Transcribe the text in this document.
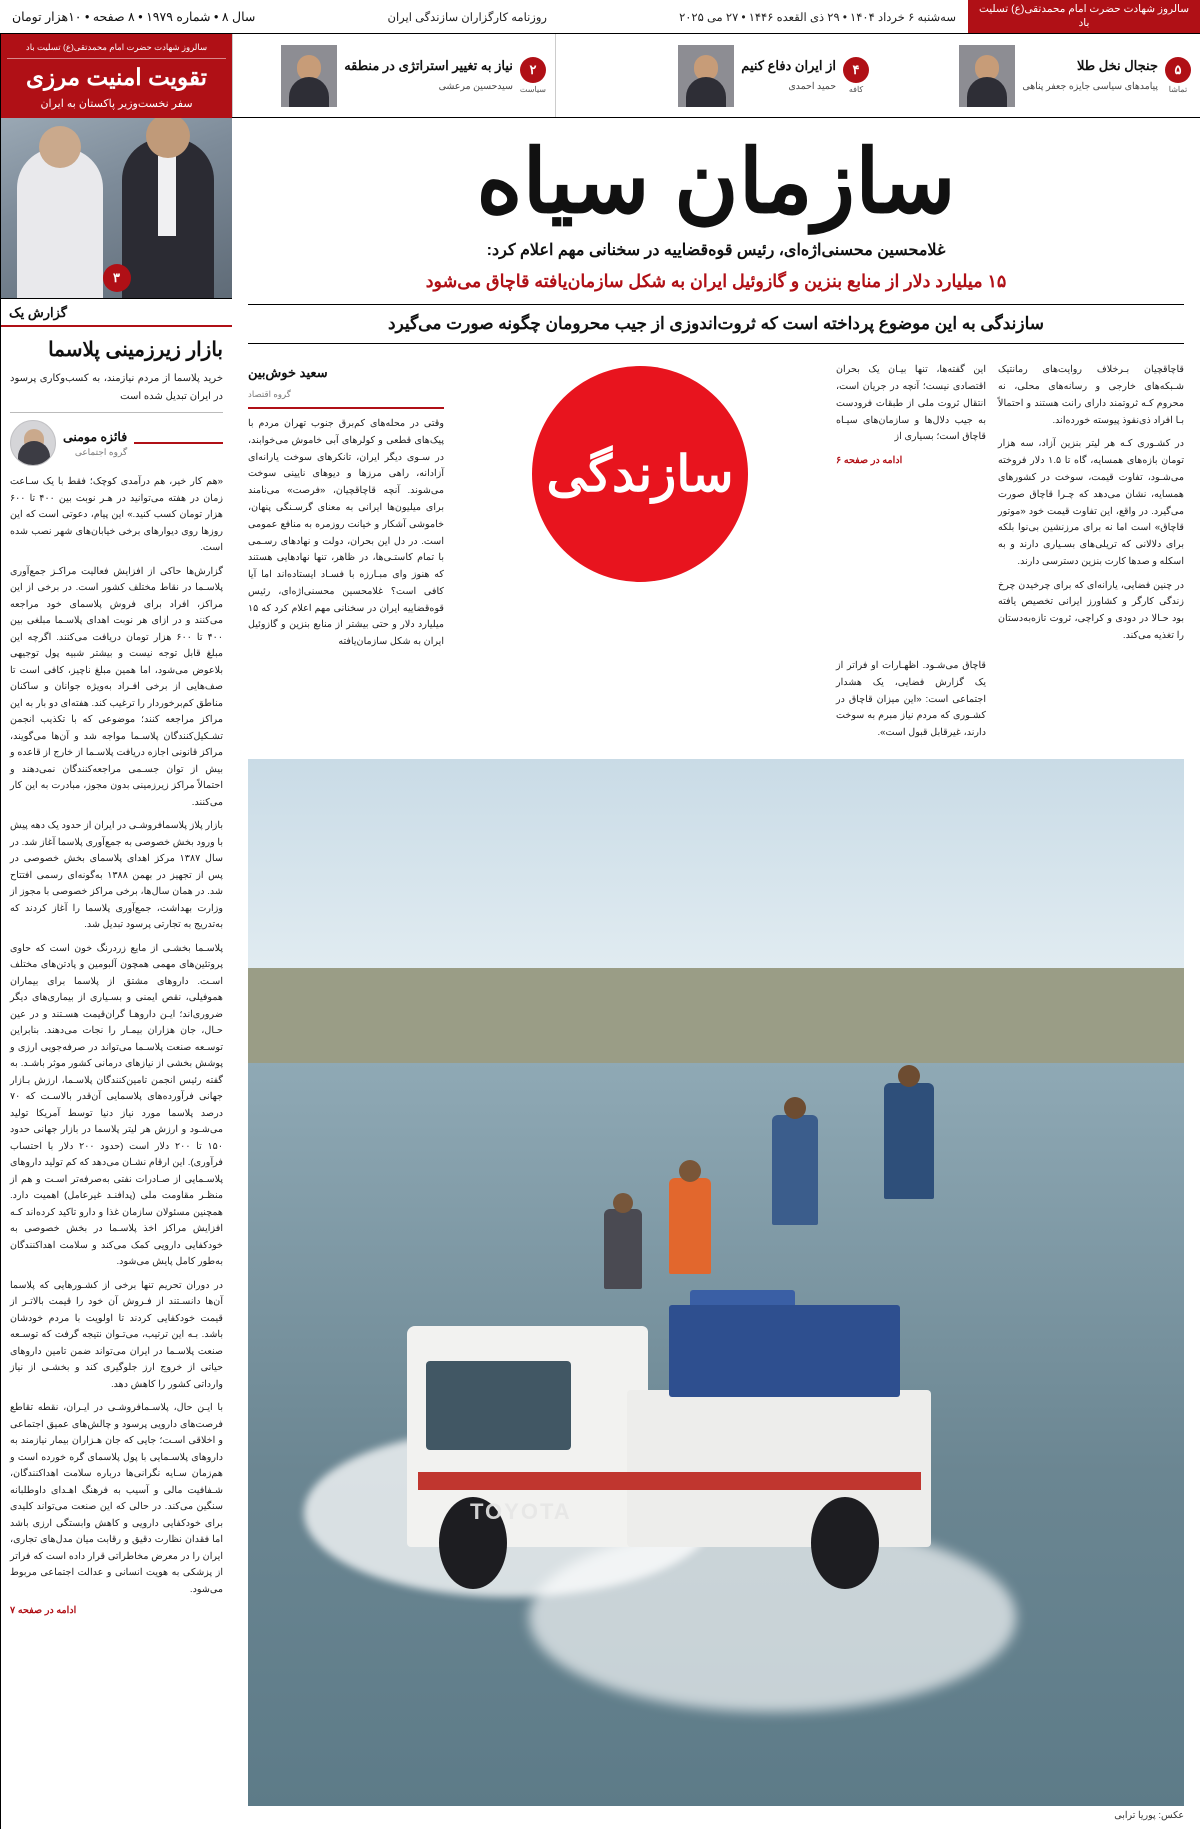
سالروز شهادت حضرت امام محمدتقی(ع) تسلیت باد
سه‌شنبه ۶ خرداد ۱۴۰۴ • ۲۹ ذی القعده ۱۴۴۶ • ۲۷ می ۲۰۲۵
روزنامه کارگزاران سازندگی ایران
سال ۸ • شماره ۱۹۷۹ • ۸ صفحه • ۱۰هزار تومان
۵
تماشا
جنجال نخل طلا
پیامدهای سیاسی جایزه جعفر پناهی
۴
کافه
از ایران دفاع کنیم
حمید احمدی
۲
سیاست
نیاز به تغییر استراتژی در منطقه
سیدحسین مرعشی
سازمان سیاه
غلامحسین محسنی‌اژه‌ای، رئیس قوه‌قضاییه در سخنانی مهم اعلام کرد:
۱۵ میلیارد دلار از منابع بنزین و گازوئیل ایران به شکل سازمان‌یافته قاچاق می‌شود
سازندگی به این موضوع پرداخته است که ثروت‌اندوزی از جیب محرومان چگونه صورت می‌گیرد

قاچاقچیان بـرخلاف روایت‌های رمانتیک شـبکه‌های خارجی و رسانه‌های محلی، نه محروم کـه ثروتمند دارای رانت هستند و احتمالاً بـا افراد ذی‌نفوذ پیوسته خورده‌اند.

در کشـوری کـه هر لیتر بنزین آزاد، سه هزار تومان بازه‌های همسایه، گاه تا ۱.۵ دلار فروخته می‌شـود، تفاوت قیمت، سوخت در کشورهای همسایه، نشان می‌دهد که چـرا قاچاق صورت می‌گیرد. در واقع، این تفاوت قیمت خود «موتور قاچاق» است اما نه برای مرزنشین بی‌نوا بلکه برای دلالانی که تریلی‌های بسـیاری دارند و به اسکله و صدها کارت بنزین دسترسی دارند.

در چنین فضایی، یارانه‌ای که برای چرخیدن چرخ زندگی کارگر و کشاورز ایرانی تخصیص یافته بود حـالا در دودی و کراچی، ثروت تازه‌به‌دستان را تغذیه می‌کند.

این گفته‌ها، تنها بیـان یک بحران اقتصادی نیست؛ آنچه در جریان است، انتقال ثروت ملی از طبقات فرودست به جیب دلال‌ها و سازمان‌های سیـاه قاچاق است؛ بسیاری از

ادامه در صفحه ۶

سازندگی
سعید خوش‌بین
گروه اقتصاد

وقتی در محله‌های کم‌برق جنوب تهران مردم با پیک‌های قطعی و کولرهای آبی خاموش می‌خوابند، در سـوی دیگر ایران، تانکرهای سوخت یارانه‌ای آزادانه، راهی مرزها و دیوهای نایینی سوخت می‌شوند. آنچه قاچاقچیان، «فرصت» می‌نامند برای میلیون‌ها ایرانی به معنای گرسـنگی پنهان، خاموشی آشکار و خیانت روزمره به منافع عمومی است. در دل این بحران، دولت و نهادهای رسـمی با تمام کاستـی‌ها، در ظاهر، تنها نهادهایی هستند که هنوز وای مبـارزه با فسـاد ایستاده‌اند اما آیا کافی است؟ غلامحسین محسنی‌اژه‌ای، رئیس قوه‌قضاییه ایران در سخنانی مهم اعلام کرد که ۱۵ میلیارد دلار و حتی بیشتر از منابع بنزین و گازوئیل ایران به شکل سازمان‌یافته

قاچاق می‌شـود. اظهـارات او فراتر از یک گزارش فضایی، یک هشدار اجتماعی است: «این میزان قاچاق در کشـوری که مردم نیاز مبرم به سوخت دارند، غیرقابل قبول است».

TOYOTA
عکس: پوریا ترابی
سالروز شهادت حضرت امام محمدتقی(ع) تسلیت باد
تقویت امنیت مرزی
سفر نخست‌وزیر پاکستان به ایران
۳
گزارش یک
بازار زیرزمینی پلاسما
خرید پلاسما از مردم نیازمند، به کسب‌وکاری پرسود در ایران تبدیل شده است
فائزه مومنی
گروه اجتماعی

«هم کار خیر، هم درآمدی کوچک؛ فقط با یک سـاعت زمان در هفته می‌توانید در هـر نوبت بین ۴۰۰ تا ۶۰۰ هزار تومان کسب کنید.» این پیام، دعوتی است که این روزها روی دیوارهای برخی خیابان‌های شهر نصب شده است.

گزارش‌ها حاکی از افزایش فعالیت مراکـز جمع‌آوری پلاسـما در نقاط مختلف کشور است. در برخی از این مراکز، افراد برای فروش پلاسمای خود مراجعه می‌کنند و در ازای هر نوبت اهدای پلاسـما مبلغی بین ۴۰۰ تا ۶۰۰ هزار تومان دریافت می‌کنند. اگرچه این مبلغ قابل توجه نیست و بیشتر شبیه پول توجیهی بلاعوض می‌شود، اما همین مبلغ ناچیز، کافی است تا صف‌هایی از برخی افـراد به‌ویژه جوانان و ساکنان مناطق کم‌برخوردار را ترغیب کند. هفته‌ای دو بار به این مراکز مراجعه کنند؛ موضوعی که با تکذیب انجمن تشـکیل‌کنندگان پلاسـما مواجه شد و آن‌ها می‌گویند، مراکز قانونی اجازه دریافت پلاسـما از خارج از قاعده و بیش از توان جسـمی مراجعه‌کنندگان نمی‌دهند و احتمالاً مراکز زیرزمینی بدون مجوز، مبادرت به این کار می‌کنند.

بازار پلاز پلاسمافروشـی در ایران از حدود یک دهه پیش با ورود بخش خصوصی به جمع‌آوری پلاسما آغاز شد. در سال ۱۳۸۷ مرکز اهدای پلاسمای بخش خصوصی در پس از تجهیز در بهمن ۱۳۸۸ به‌گونه‌ای رسمی افتتاح شد. در همان سال‌ها، برخی مراکز خصوصی با مجوز از وزارت بهداشت، جمع‌آوری پلاسما را آغاز کردند که به‌تدریج به تجارتی پرسود تبدیل شد.

پلاسـما بخشـی از مایع زردرنگ خون است که حاوی پروتئین‌های مهمی همچون آلبومین و پادتن‌های مختلف اسـت. داروهای مشتق از پلاسما برای بیماران هموفیلی، نقص ایمنی و بسـیاری از بیماری‌های دیگر ضروری‌اند؛ ایـن داروهـا گران‌قیمت هسـتند و در عین حـال، جان هزاران بیمـار را نجات می‌دهند. بنابراین توسـعه صنعت پلاسـما می‌تواند در صرفه‌جویی ارزی و پوشش بخشی از نیازهای درمانی کشور موثر باشـد. به گفته رئیس انجمن تامین‌کنندگان پلاسـما، ارزش بـازار جهانی فرآورده‌های پلاسمایی آن‌قدر بالاسـت که ۷۰ درصد پلاسما مورد نیاز دنیا توسط آمریکا تولید می‌شـود و ارزش هر لیتر پلاسما در بازار جهانی حدود ۱۵۰ تا ۲۰۰ دلار است (حدود ۲۰۰ دلار با احتساب فرآوری). این ارقام نشـان می‌دهد که کم تولید داروهای پلاسـمایی از صـادرات نفتی به‌صرفه‌تر اسـت و هم از منظـر مقاومت ملی (پدافنـد غیرعامل) اهمیت دارد. همچنین مسئولان سازمان غذا و دارو تاکید کرده‌اند کـه افزایش مراکز اخذ پلاسـما در بخش خصوصی به خودکفایی دارویی کمک می‌کند و سلامت اهداکنندگان به‌طور کامل پایش می‌شود.

در دوران تحریم تنها برخی از کشـورهایی که پلاسما آن‌ها دانسـتند از فـروش آن خود را قیمت بالاتـر از قیمت خودکفایی کردند تا اولویت با مردم خودشان باشد. بـه این ترتیب، می‌تـوان نتیجه گرفت که توسـعه صنعت پلاسـما در ایران می‌تواند ضمن تامین داروهای حیاتی از خروج ارز جلوگیری کند و بخشـی از نیاز وارداتی کشور را کاهش دهد.

با ایـن حال، پلاسـمافروشـی در ایـران، نقطه تقاطع فرصت‌های دارویی پرسود و چالش‌های عمیق اجتماعی و اخلاقی اسـت؛ جایی که جان هـزاران بیمار نیازمند به داروهای پلاسـمایی با پول پلاسمای گره خورده است و هم‌زمان سـایه نگرانی‌ها درباره سلامت اهداکنندگان، شـفافیت مالی و آسیب به فرهنگ اهـدای داوطلبانه سنگین می‌کند. در حالی که این صنعت می‌تواند کلیدی برای خودکفایی دارویی و کاهش وابستگی ارزی باشد اما فقدان نظارت دقیق و رقابت میان مدل‌های تجاری، ایران را در معرض مخاطراتی قرار داده است که فراتر از پزشکی به هویت انسانی و عدالت اجتماعی مربوط می‌شود.

ادامه در صفحه ۷
